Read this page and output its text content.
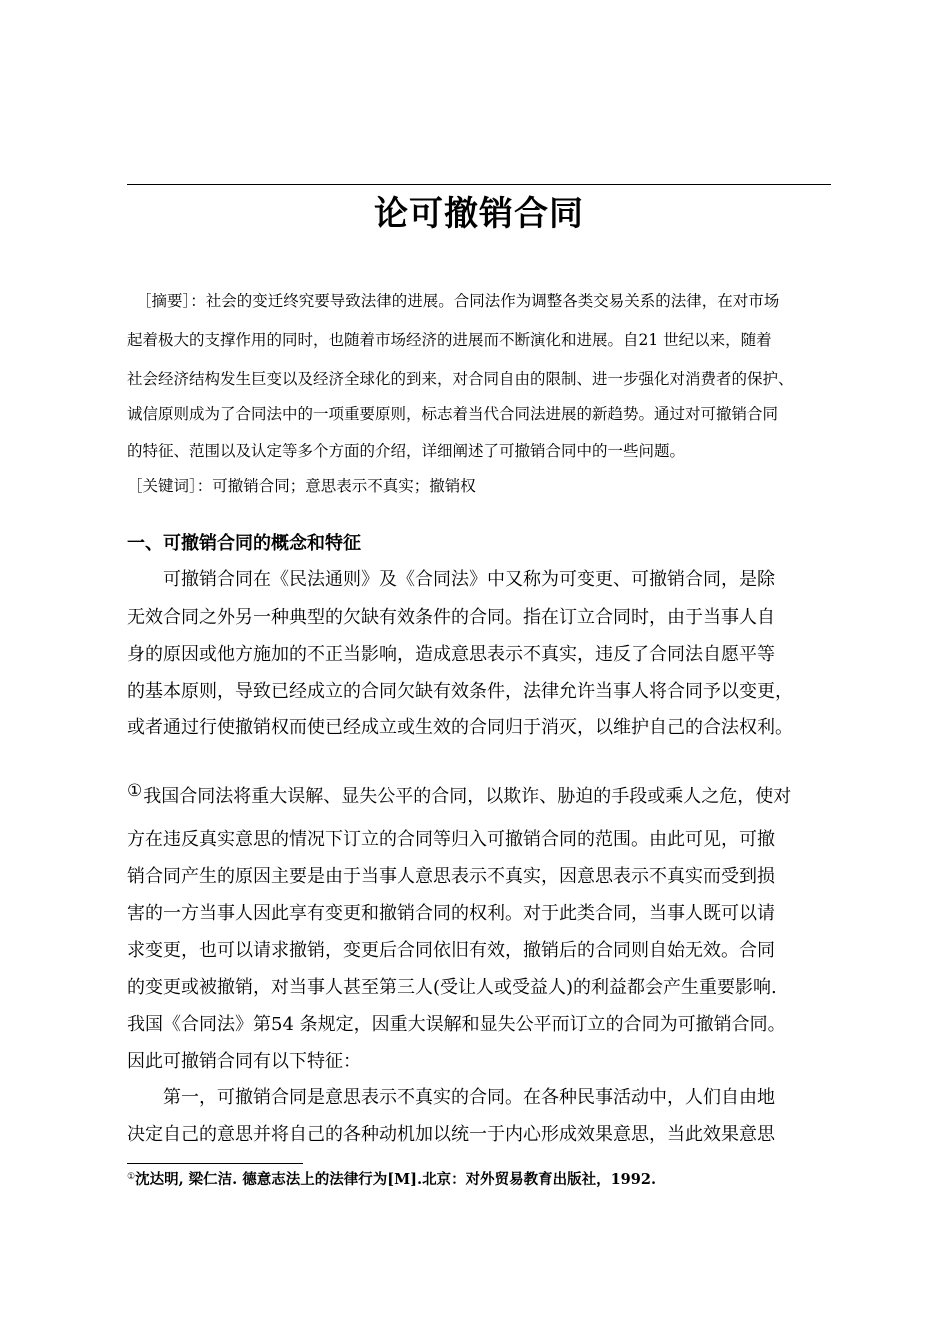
论可撤销合同
［摘要］：社会的变迁终究要导致法律的进展。合同法作为调整各类交易关系的法律，在对市场
起着极大的支撑作用的同时，也随着市场经济的进展而不断演化和进展。自21 世纪以来，随着
社会经济结构发生巨变以及经济全球化的到来，对合同自由的限制、进一步强化对消费者的保护、
诚信原则成为了合同法中的一项重要原则，标志着当代合同法进展的新趋势。通过对可撤销合同
的特征、范围以及认定等多个方面的介绍，详细阐述了可撤销合同中的一些问题。
［关键词］：可撤销合同；意思表示不真实；撤销权
一、可撤销合同的概念和特征
可撤销合同在《民法通则》及《合同法》中又称为可变更、可撤销合同，是除
无效合同之外另一种典型的欠缺有效条件的合同。指在订立合同时，由于当事人自
身的原因或他方施加的不正当影响，造成意思表示不真实，违反了合同法自愿平等
的基本原则，导致已经成立的合同欠缺有效条件，法律允许当事人将合同予以变更，
或者通过行使撤销权而使已经成立或生效的合同归于消灭，以维护自己的合法权利。
①我国合同法将重大误解、显失公平的合同，以欺诈、胁迫的手段或乘人之危，使对
方在违反真实意思的情况下订立的合同等归入可撤销合同的范围。由此可见，可撤
销合同产生的原因主要是由于当事人意思表示不真实，因意思表示不真实而受到损
害的一方当事人因此享有变更和撤销合同的权利。对于此类合同，当事人既可以请
求变更，也可以请求撤销，变更后合同依旧有效，撤销后的合同则自始无效。合同
的变更或被撤销，对当事人甚至第三人(受让人或受益人)的利益都会产生重要影响.
我国《合同法》第54 条规定，因重大误解和显失公平而订立的合同为可撤销合同。
因此可撤销合同有以下特征：
第一，可撤销合同是意思表示不真实的合同。在各种民事活动中，人们自由地
决定自己的意思并将自己的各种动机加以统一于内心形成效果意思，当此效果意思
①沈达明, 梁仁洁. 德意志法上的法律行为[M].北京：对外贸易教育出版社，1992.
